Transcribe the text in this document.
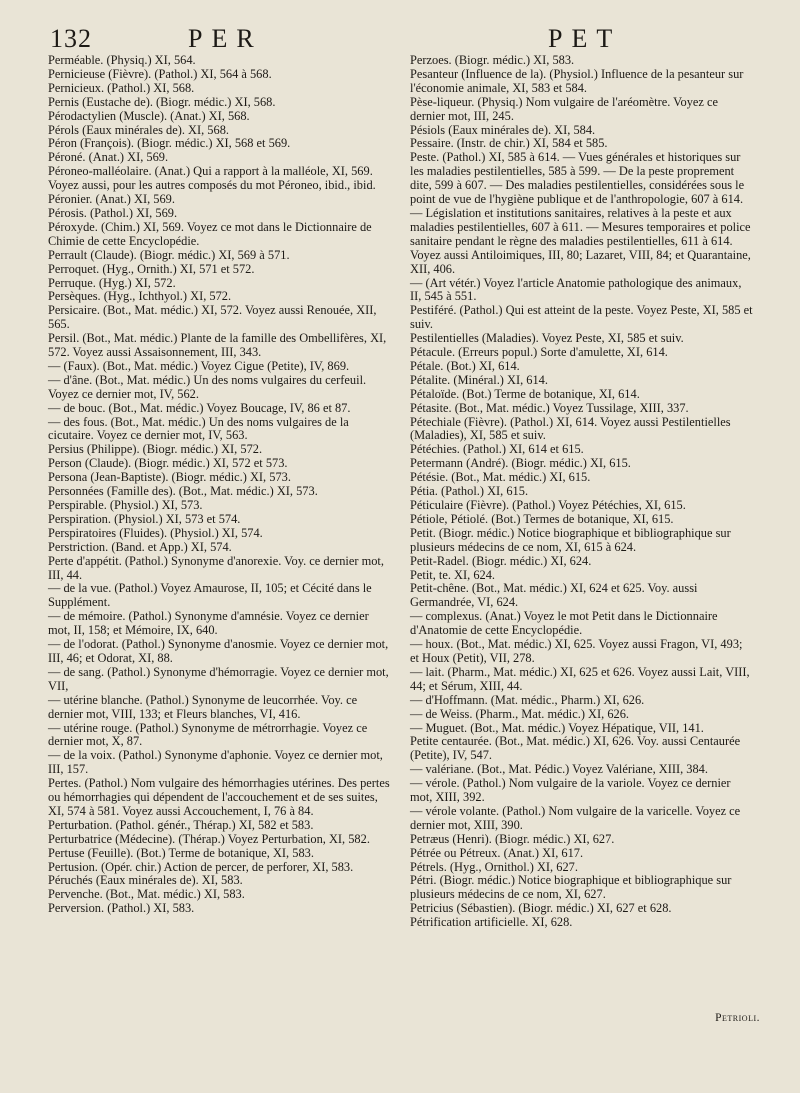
132	PER	PET
Perméable. (Physiq.) XI, 564.
Pernicieuse (Fièvre). (Pathol.) XI, 564 à 568.
Pernicieux. (Pathol.) XI, 568.
Pernis (Eustache de). (Biogr. médic.) XI, 568.
Pérodactylien (Muscle). (Anat.) XI, 568.
Pérols (Eaux minérales de). XI, 568.
Péron (François). (Biogr. médic.) XI, 568 et 569.
Péroné. (Anat.) XI, 569.
Péroneo-malléolaire. (Anat.) Qui a rapport à la malléole, XI, 569. Voyez aussi, pour les autres composés du mot Péroneo, ibid., ibid.
Péronier. (Anat.) XI, 569.
Pérosis. (Pathol.) XI, 569.
Péroxyde. (Chim.) XI, 569. Voyez ce mot dans le Dictionnaire de Chimie de cette Encyclopédie.
Perrault (Claude). (Biogr. médic.) XI, 569 à 571.
Perroquet. (Hyg., Ornith.) XI, 571 et 572.
Perruque. (Hyg.) XI, 572.
Persèques. (Hyg., Ichthyol.) XI, 572.
Persicaire. (Bot., Mat. médic.) XI, 572. Voyez aussi Renouée, XII, 565.
Persil. (Bot., Mat. médic.) Plante de la famille des Ombellifères, XI, 572. Voyez aussi Assaisonnement, III, 343.
— (Faux). (Bot., Mat. médic.) Voyez Cigue (Petite), IV, 869.
— d'âne. (Bot., Mat. médic.) Un des noms vulgaires du cerfeuil. Voyez ce dernier mot, IV, 562.
— de bouc. (Bot., Mat. médic.) Voyez Boucage, IV, 86 et 87.
— des fous. (Bot., Mat. médic.) Un des noms vulgaires de la cicutaire. Voyez ce dernier mot, IV, 563.
Persius (Philippe). (Biogr. médic.) XI, 572.
Person (Claude). (Biogr. médic.) XI, 572 et 573.
Persona (Jean-Baptiste). (Biogr. médic.) XI, 573.
Personnées (Famille des). (Bot., Mat. médic.) XI, 573.
Perspirable. (Physiol.) XI, 573.
Perspiration. (Physiol.) XI, 573 et 574.
Perspiratoires (Fluides). (Physiol.) XI, 574.
Perstriction. (Band. et App.) XI, 574.
Perte d'appétit. (Pathol.) Synonyme d'anorexie. Voy. ce dernier mot, III, 44.
— de la vue. (Pathol.) Voyez Amaurose, II, 105; et Cécité dans le Supplément.
— de mémoire. (Pathol.) Synonyme d'amnésie. Voyez ce dernier mot, II, 158; et Mémoire, IX, 640.
— de l'odorat. (Pathol.) Synonyme d'anosmie. Voyez ce dernier mot, III, 46; et Odorat, XI, 88.
— de sang. (Pathol.) Synonyme d'hémorragie. Voyez ce dernier mot, VII,
— utérine blanche. (Pathol.) Synonyme de leucorrhée. Voy. ce dernier mot, VIII, 133; et Fleurs blanches, VI, 416.
— utérine rouge. (Pathol.) Synonyme de métrorrhagie. Voyez ce dernier mot, X, 87.
— de la voix. (Pathol.) Synonyme d'aphonie. Voyez ce dernier mot, III, 157.
Pertes. (Pathol.) Nom vulgaire des hémorrhagies utérines. Des pertes ou hémorrhagies qui dépendent de l'accouchement et de ses suites, XI, 574 à 581. Voyez aussi Accouchement, I, 76 à 84.
Perturbation. (Pathol. génér., Thérap.) XI, 582 et 583.
Perturbatrice (Médecine). (Thérap.) Voyez Perturbation, XI, 582.
Pertuse (Feuille). (Bot.) Terme de botanique, XI, 583.
Pertusion. (Opér. chir.) Action de percer, de perforer, XI, 583.
Péruchés (Eaux minérales de). XI, 583.
Pervenche. (Bot., Mat. médic.) XI, 583.
Perversion. (Pathol.) XI, 583.
Perzoes. (Biogr. médic.) XI, 583.
Pesanteur (Influence de la). (Physiol.) Influence de la pesanteur sur l'économie animale, XI, 583 et 584.
Pèse-liqueur. (Physiq.) Nom vulgaire de l'aréomètre. Voyez ce dernier mot, III, 245.
Pésiols (Eaux minérales de). XI, 584.
Pessaire. (Instr. de chir.) XI, 584 et 585.
Peste. (Pathol.) XI, 585 à 614. — Vues générales et historiques sur les maladies pestilentielles, 585 à 599. — De la peste proprement dite, 599 à 607. — Des maladies pestilentielles, considérées sous le point de vue de l'hygiène publique et de l'anthropologie, 607 à 614. — Législation et institutions sanitaires, relatives à la peste et aux maladies pestilentielles, 607 à 611. — Mesures temporaires et police sanitaire pendant le règne des maladies pestilentielles, 611 à 614. Voyez aussi Antiloimiques, III, 80; Lazaret, VIII, 84; et Quarantaine, XII, 406.
— (Art vétér.) Voyez l'article Anatomie pathologique des animaux, II, 545 à 551.
Pestiféré. (Pathol.) Qui est atteint de la peste. Voyez Peste, XI, 585 et suiv.
Pestilentielles (Maladies). Voyez Peste, XI, 585 et suiv.
Pétacule. (Erreurs popul.) Sorte d'amulette, XI, 614.
Pétale. (Bot.) XI, 614.
Pétalite. (Minéral.) XI, 614.
Pétaloïde. (Bot.) Terme de botanique, XI, 614.
Pétasite. (Bot., Mat. médic.) Voyez Tussilage, XIII, 337.
Pétechiale (Fièvre). (Pathol.) XI, 614. Voyez aussi Pestilentielles (Maladies), XI, 585 et suiv.
Pétéchies. (Pathol.) XI, 614 et 615.
Petermann (André). (Biogr. médic.) XI, 615.
Pétésie. (Bot., Mat. médic.) XI, 615.
Pétia. (Pathol.) XI, 615.
Péticulaire (Fièvre). (Pathol.) Voyez Pétéchies, XI, 615.
Pétiole, Pétiolé. (Bot.) Termes de botanique, XI, 615.
Petit. (Biogr. médic.) Notice biographique et bibliographique sur plusieurs médecins de ce nom, XI, 615 à 624.
Petit-Radel. (Biogr. médic.) XI, 624.
Petit, te. XI, 624.
Petit-chêne. (Bot., Mat. médic.) XI, 624 et 625. Voy. aussi Germandrée, VI, 624.
— complexus. (Anat.) Voyez le mot Petit dans le Dictionnaire d'Anatomie de cette Encyclopédie.
— houx. (Bot., Mat. médic.) XI, 625. Voyez aussi Fragon, VI, 493; et Houx (Petit), VII, 278.
— lait. (Pharm., Mat. médic.) XI, 625 et 626. Voyez aussi Lait, VIII, 44; et Sérum, XIII, 44.
— d'Hoffmann. (Mat. médic., Pharm.) XI, 626.
— de Weiss. (Pharm., Mat. médic.) XI, 626.
— Muguet. (Bot., Mat. médic.) Voyez Hépatique, VII, 141.
Petite centaurée. (Bot., Mat. médic.) XI, 626. Voy. aussi Centaurée (Petite), IV, 547.
— valériane. (Bot., Mat. Pédic.) Voyez Valériane, XIII, 384.
— vérole. (Pathol.) Nom vulgaire de la variole. Voyez ce dernier mot, XIII, 392.
— vérole volante. (Pathol.) Nom vulgaire de la varicelle. Voyez ce dernier mot, XIII, 390.
Petræus (Henri). (Biogr. médic.) XI, 627.
Pétrée ou Pétreux. (Anat.) XI, 617.
Pétrels. (Hyg., Ornithol.) XI, 627.
Pétri. (Biogr. médic.) Notice biographique et bibliographique sur plusieurs médecins de ce nom, XI, 627.
Petricius (Sébastien). (Biogr. médic.) XI, 627 et 628.
Pétrification artificielle. XI, 628.
Petrioli.
